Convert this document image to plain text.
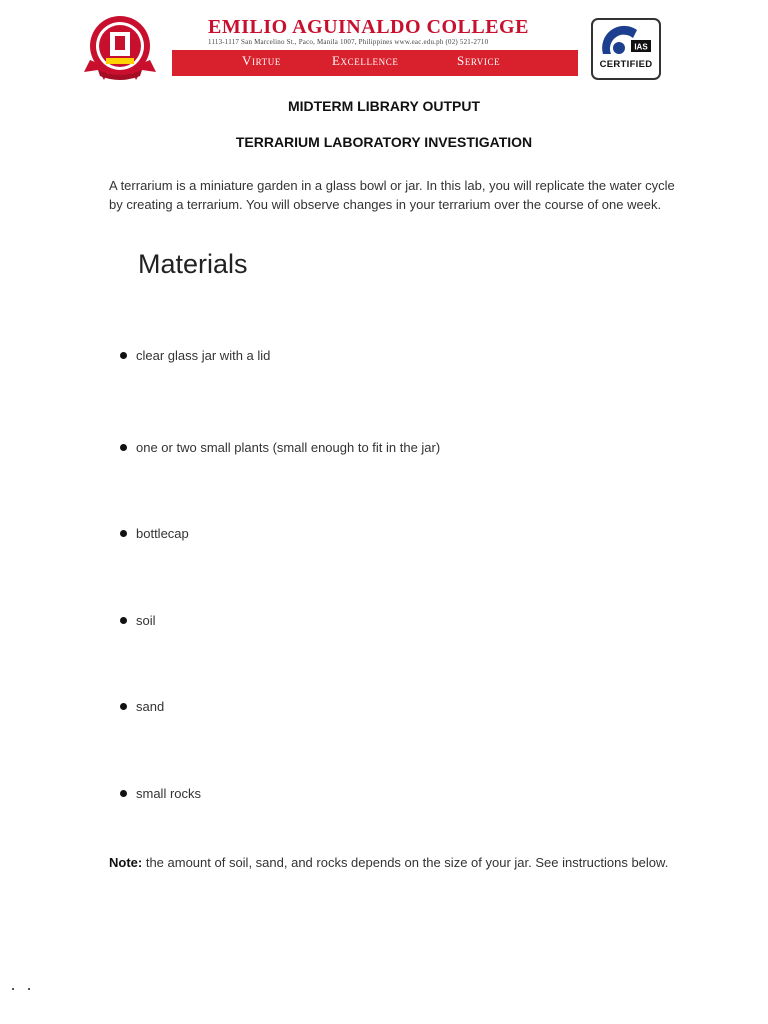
EMILIO AGUINALDO COLLEGE
1113-1117 San Marcelino St., Paco, Manila 1007, Philippines www.eac.edu.ph (02) 521-2710
Virtue	Excellence	Service
IAS
CERTIFIED
MIDTERM LIBRARY OUTPUT
TERRARIUM LABORATORY INVESTIGATION
A terrarium is a miniature garden in a glass bowl or jar. In this lab, you will replicate the water cycle by creating a terrarium. You will observe changes in your terrarium over the course of one week.
Materials
clear glass jar with a lid
one or two small plants (small enough to fit in the jar)
bottlecap
soil
sand
small rocks
Note: the amount of soil, sand, and rocks depends on the size of your jar. See instructions below.
